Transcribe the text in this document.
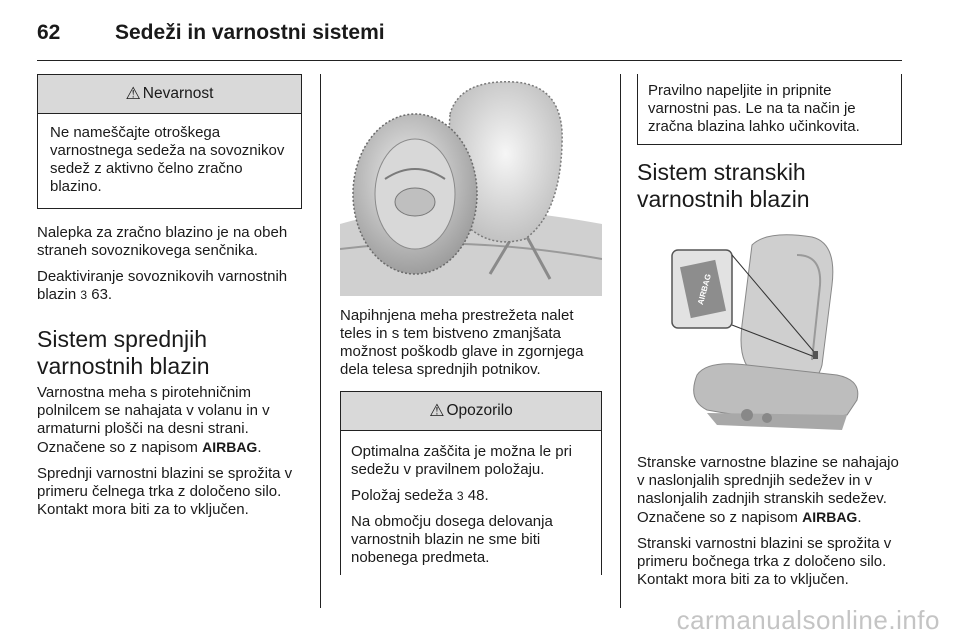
62	Sedeži in varnostni sistemi
⚠ Nevarnost

Ne nameščajte otroškega varnostnega sedeža na sovoznikov sedež z aktivno čelno zračno blazino.

Nalepka za zračno blazino je na obeh straneh sovoznikovega senčnika.

Deaktiviranje sovoznikovih varnostnih blazin 3 63.

Sistem sprednjih varnostnih blazin

Varnostna meha s pirotehničnim polnilcem se nahajata v volanu in v armaturni plošči na desni strani. Označene so z napisom AIRBAG.

Sprednji varnostni blazini se sprožita v primeru čelnega trka z določeno silo. Kontakt mora biti za to vključen.

Napihnjena meha prestrežeta nalet teles in s tem bistveno zmanjšata možnost poškodb glave in zgornjega dela telesa sprednjih potnikov.

⚠ Opozorilo

Optimalna zaščita je možna le pri sedežu v pravilnem položaju.

Položaj sedeža 3 48.

Na območju dosega delovanja varnostnih blazin ne sme biti nobenega predmeta.

Pravilno napeljite in pripnite varnostni pas. Le na ta način je zračna blazina lahko učinkovita.

Sistem stranskih varnostnih blazin
AIRBAG

Stranske varnostne blazine se nahajajo v naslonjalih sprednjih sedežev in v naslonjalih zadnjih stranskih sedežev. Označene so z napisom AIRBAG.

Stranski varnostni blazini se sprožita v primeru bočnega trka z določeno silo. Kontakt mora biti za to vključen.

carmanualsonline.info
